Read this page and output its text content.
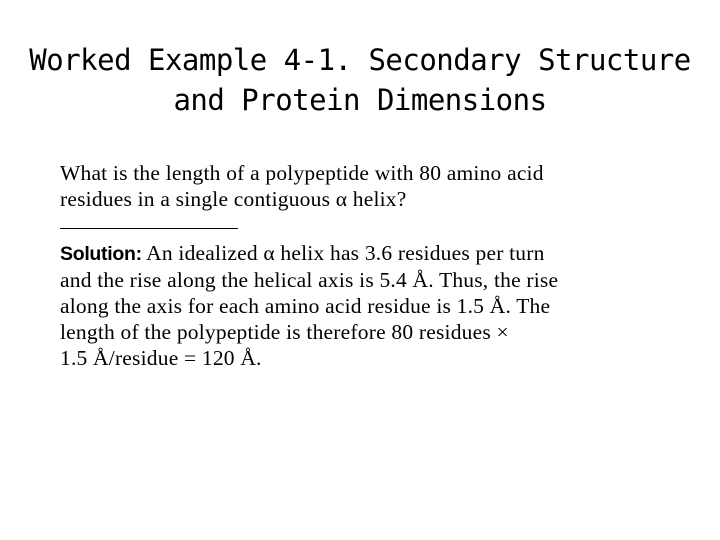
Worked Example 4-1. Secondary Structure
and Protein Dimensions
What is the length of a polypeptide with 80 amino acid
residues in a single contiguous α helix?
Solution: An idealized α helix has 3.6 residues per turn
and the rise along the helical axis is 5.4 Å. Thus, the rise
along the axis for each amino acid residue is 1.5 Å. The
length of the polypeptide is therefore 80 residues ×
1.5 Å/residue = 120 Å.
